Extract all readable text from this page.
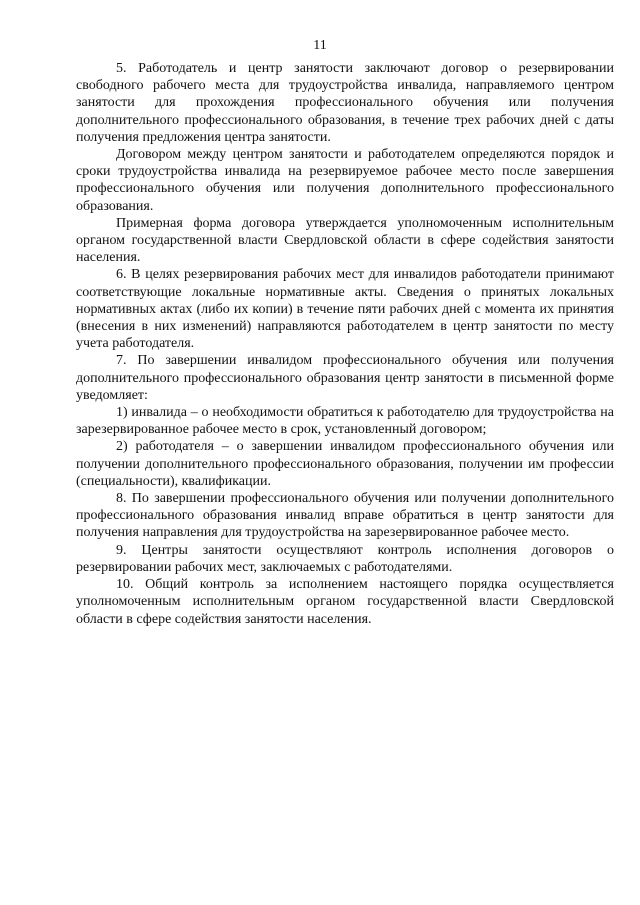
11

5. Работодатель и центр занятости заключают договор о резервировании свободного рабочего места для трудоустройства инвалида, направляемого центром занятости для прохождения профессионального обучения или получения дополнительного профессионального образования, в течение трех рабочих дней с даты получения предложения центра занятости.

Договором между центром занятости и работодателем определяются порядок и сроки трудоустройства инвалида на резервируемое рабочее место после завершения профессионального обучения или получения дополнительного профессионального образования.

Примерная форма договора утверждается уполномоченным исполнительным органом государственной власти Свердловской области в сфере содействия занятости населения.

6. В целях резервирования рабочих мест для инвалидов работодатели принимают соответствующие локальные нормативные акты. Сведения о принятых локальных нормативных актах (либо их копии) в течение пяти рабочих дней с момента их принятия (внесения в них изменений) направляются работодателем в центр занятости по месту учета работодателя.

7. По завершении инвалидом профессионального обучения или получения дополнительного профессионального образования центр занятости в письменной форме уведомляет:

1) инвалида – о необходимости обратиться к работодателю для трудоустройства на зарезервированное рабочее место в срок, установленный договором;

2) работодателя – о завершении инвалидом профессионального обучения или получении дополнительного профессионального образования, получении им профессии (специальности), квалификации.

8. По завершении профессионального обучения или получении дополнительного профессионального образования инвалид вправе обратиться в центр занятости для получения направления для трудоустройства на зарезервированное рабочее место.

9. Центры занятости осуществляют контроль исполнения договоров о резервировании рабочих мест, заключаемых с работодателями.

10. Общий контроль за исполнением настоящего порядка осуществляется уполномоченным исполнительным органом государственной власти Свердловской области в сфере содействия занятости населения.
